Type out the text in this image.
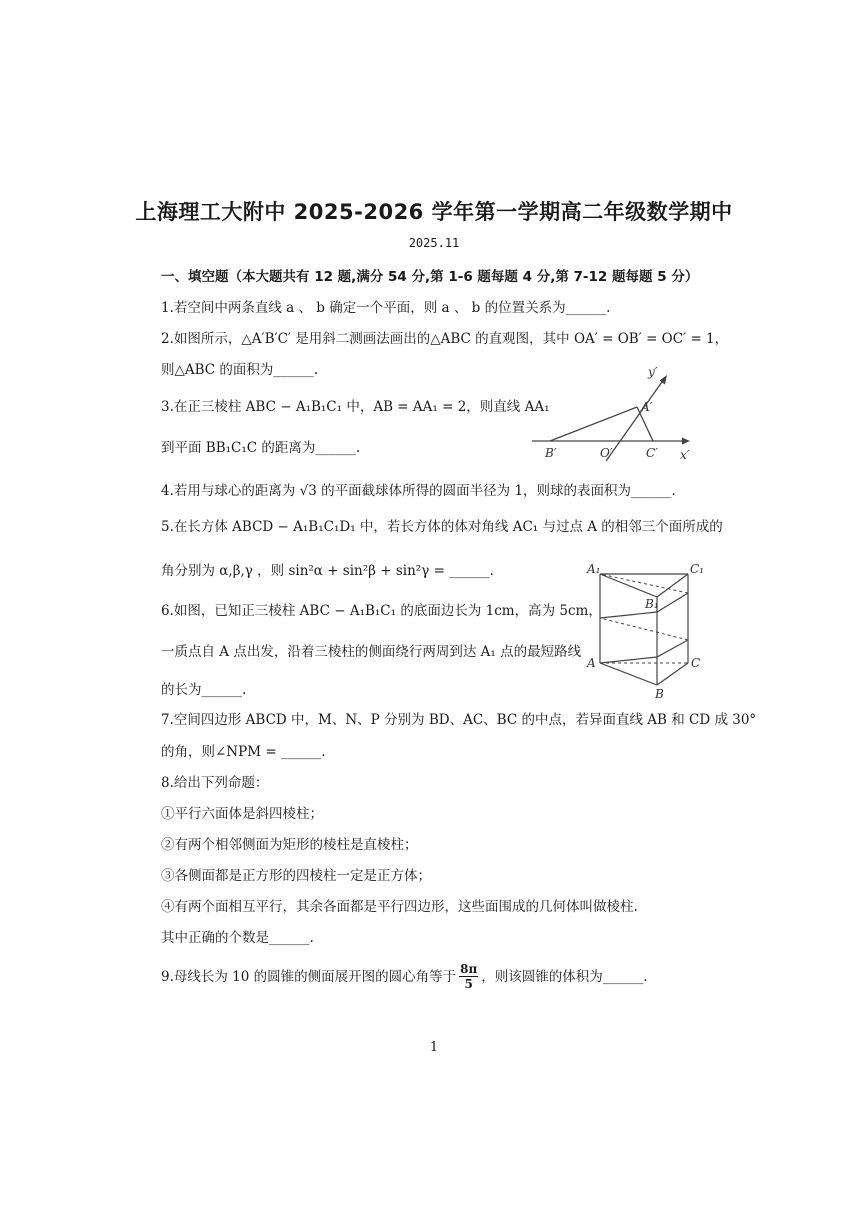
上海理工大附中 2025-2026 学年第一学期高二年级数学期中
2025.11
一、填空题（本大题共有 12 题,满分 54 分,第 1-6 题每题 4 分,第 7-12 题每题 5 分）
1.若空间中两条直线 a 、 b 确定一个平面，则 a 、 b 的位置关系为______.
2.如图所示，△A′B′C′ 是用斜二测画法画出的△ABC 的直观图，其中 OA′ = OB′ = OC′ = 1，
则△ABC 的面积为______.
3.在正三棱柱 ABC − A₁B₁C₁ 中，AB = AA₁ = 2，则直线 AA₁
到平面 BB₁C₁C 的距离为______.
4.若用与球心的距离为 √3 的平面截球体所得的圆面半径为 1，则球的表面积为______.
5.在长方体 ABCD − A₁B₁C₁D₁ 中，若长方体的体对角线 AC₁ 与过点 A 的相邻三个面所成的
角分别为 α,β,γ ，则 sin²α + sin²β + sin²γ = ______.
6.如图，已知正三棱柱 ABC − A₁B₁C₁ 的底面边长为 1cm，高为 5cm，
一质点自 A 点出发，沿着三棱柱的侧面绕行两周到达 A₁ 点的最短路线
的长为______.
7.空间四边形 ABCD 中，M、N、P 分别为 BD、AC、BC 的中点，若异面直线 AB 和 CD 成 30°
的角，则∠NPM = ______.
8.给出下列命题：
①平行六面体是斜四棱柱；
②有两个相邻侧面为矩形的棱柱是直棱柱；
③各侧面都是正方形的四棱柱一定是正方体；
④有两个面相互平行，其余各面都是平行四边形，这些面围成的几何体叫做棱柱.
其中正确的个数是______.
9.母线长为 10 的圆锥的侧面展开图的圆心角等于 $\frac{8\pi}{5}$ ，则该圆锥的体积为______.
y′
x′
A′
B′	O′	C′
A₁
B₁
C₁
A
B
C
1
